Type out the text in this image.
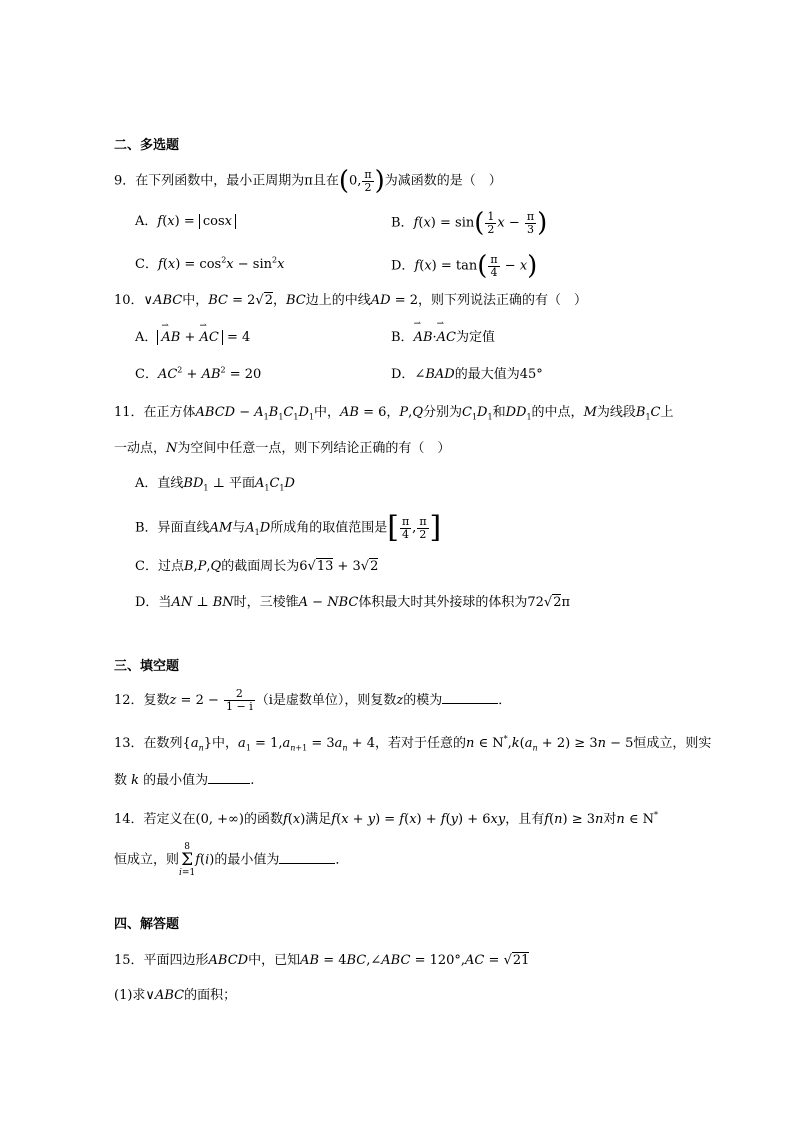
二、多选题
9．在下列函数中，最小正周期为π且在(0, $\frac{\pi}{2}$ )为减函数的是（　）
A．f(x) = cosx	B．$f(x) = \sin( \frac{1}{2}$ $x - \frac{\pi}{3}$ )
C．$f(x) = \cos^2x - \sin^2x$	D．$f(x) = \tan( \frac{\pi}{4} - x)$
10．∨ABC中，BC = 2√2，BC边上的中线AD = 2，则下列说法正确的有（　）
A．⇀ AB + ⇀ AC = 4	B．⇀ AB·⇀ AC为定值
C．$AC^2 + AB^2 = 20$	D．∠BAD的最大值为45°
11．在正方体ABCD − $A_1B_1C_1D_1$中，AB = 6，P,Q分别为$C_1D_1$和$DD_1$的中点，M为线段$B_1C$上
一动点，N为空间中任意一点，则下列结论正确的有（　）
A．直线$BD_1$ ⊥ 平面$A_1C_1D$
B．异面直线AM与$A_1D$所成角的取值范围是[ $\frac{\pi}{4}$ , $\frac{\pi}{2}$ ]
C．过点B,P,Q的截面周长为6√13 + 3√2
D．当AN ⊥ BN时，三棱锥A − NBC体积最大时其外接球的体积为72√2π
三、填空题
12．复数$z = 2 - \frac{2}{1 - i} (i$是虚数单位），则复数z的模为	．
13．在数列$\{a_n\}$中，$a_1 = 1,a_{n+1} = 3a_n + 4$，若对于任意的n ∈ $N^*,k(a_n + 2) \ge 3n - 5$恒成立，则实
数 k 的最小值为	.
14．若定义在(0, +∞)的函数f(x)满足f(x + y) = f(x) + f(y) + 6xy，且有f(n) ≥ 3n对n ∈ N*
恒成立，则8
Σ
i=1f(i)的最小值为	．
四、解答题
15．平面四边形ABCD中，已知AB = 4BC,∠ABC = 120°,AC = √21
(1)求∨ABC的面积；
